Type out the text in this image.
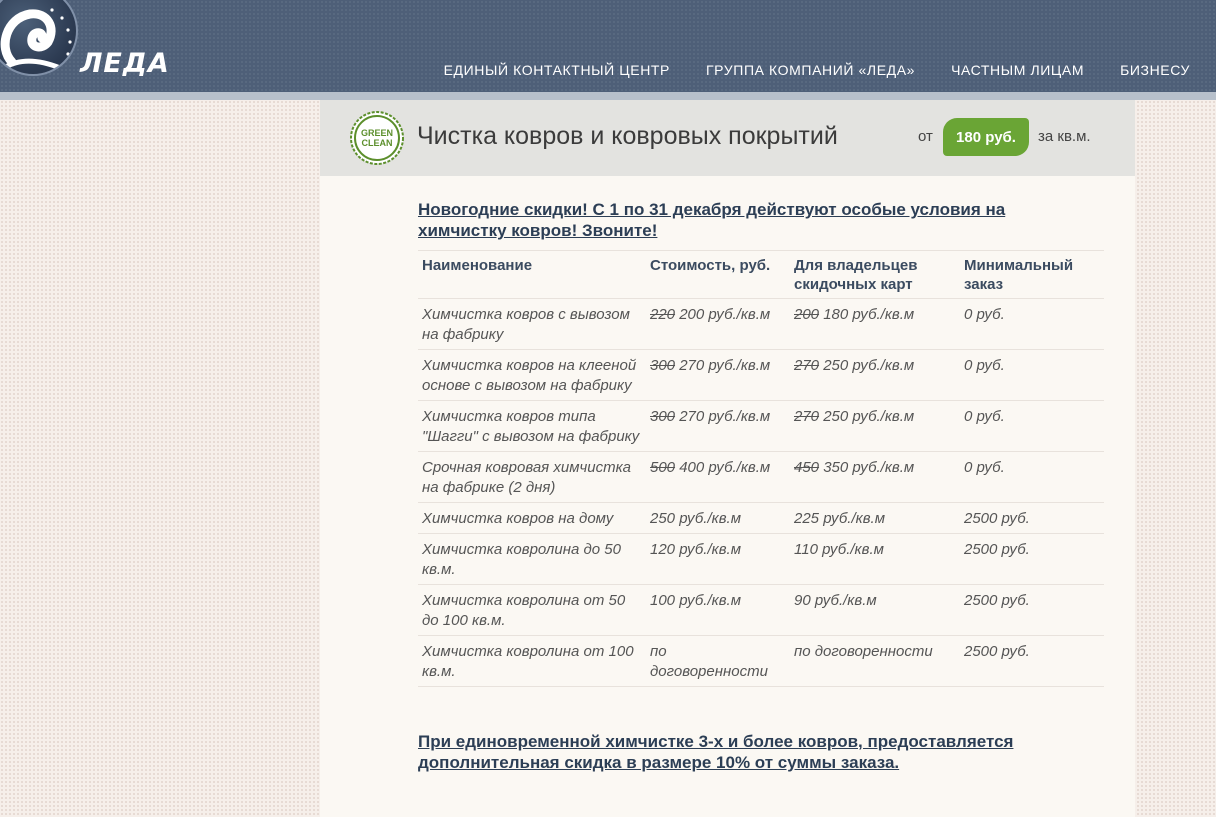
ЛЕДА	ЕДИНЫЙ КОНТАКТНЫЙ ЦЕНТР	ГРУППА КОМПАНИЙ «ЛЕДА»	ЧАСТНЫМ ЛИЦАМ	БИЗНЕСУ
GREEN
CLEAN Чистка ковров и ковровых покрытий	от	180 руб.	за кв.м.
Новогодние скидки! С 1 по 31 декабря действуют особые условия на химчистку ковров! Звоните!
Наименование	Стоимость, руб.	Для владельцев скидочных карт	Минимальный заказ
Химчистка ковров с вывозом на фабрику	220 200 руб./кв.м	200 180 руб./кв.м	0 руб.
Химчистка ковров на клееной основе с вывозом на фабрику	300 270 руб./кв.м	270 250 руб./кв.м	0 руб.
Химчистка ковров типа "Шагги" с вывозом на фабрику	300 270 руб./кв.м	270 250 руб./кв.м	0 руб.
Срочная ковровая химчистка на фабрике (2 дня)	500 400 руб./кв.м	450 350 руб./кв.м	0 руб.
Химчистка ковров на дому	250 руб./кв.м	225 руб./кв.м	2500 руб.
Химчистка ковролина до 50 кв.м.	120 руб./кв.м	110 руб./кв.м	2500 руб.
Химчистка ковролина от 50 до 100 кв.м.	100 руб./кв.м	90 руб./кв.м	2500 руб.
Химчистка ковролина от 100 кв.м.	по договоренности	по договоренности	2500 руб.
При единовременной химчистке 3-х и более ковров, предоставляется дополнительная скидка в размере 10% от суммы заказа.
